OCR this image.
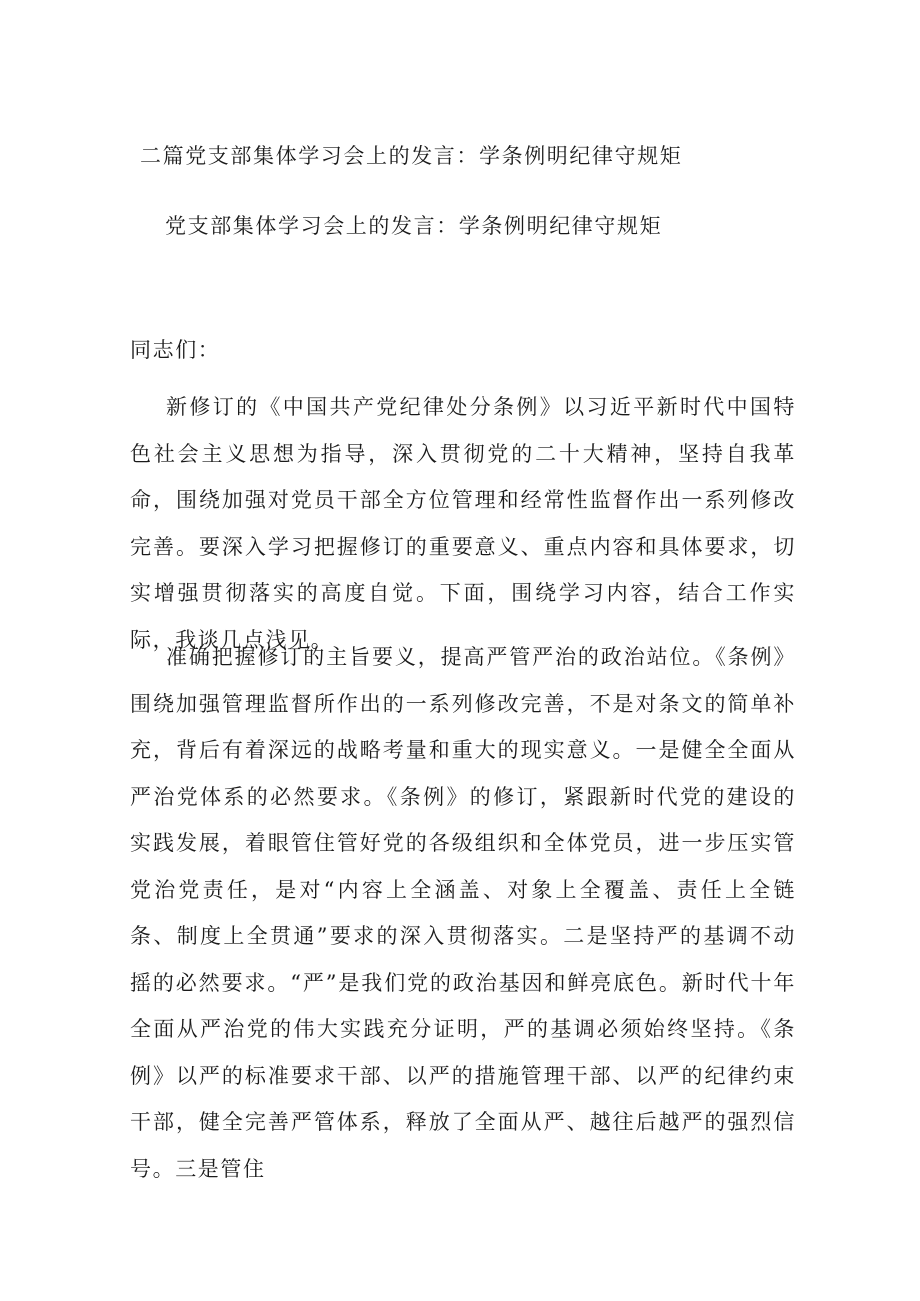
二篇党支部集体学习会上的发言：学条例明纪律守规矩
党支部集体学习会上的发言：学条例明纪律守规矩
同志们：

新修订的《中国共产党纪律处分条例》以习近平新时代中国特色社会主义思想为指导，深入贯彻党的二十大精神，坚持自我革命，围绕加强对党员干部全方位管理和经常性监督作出一系列修改完善。要深入学习把握修订的重要意义、重点内容和具体要求，切实增强贯彻落实的高度自觉。下面，围绕学习内容，结合工作实际，我谈几点浅见。

准确把握修订的主旨要义，提高严管严治的政治站位。《条例》围绕加强管理监督所作出的一系列修改完善，不是对条文的简单补充，背后有着深远的战略考量和重大的现实意义。一是健全全面从严治党体系的必然要求。《条例》的修订，紧跟新时代党的建设的实践发展，着眼管住管好党的各级组织和全体党员，进一步压实管党治党责任，是对“内容上全涵盖、对象上全覆盖、责任上全链条、制度上全贯通”要求的深入贯彻落实。二是坚持严的基调不动摇的必然要求。“严”是我们党的政治基因和鲜亮底色。新时代十年全面从严治党的伟大实践充分证明，严的基调必须始终坚持。《条例》以严的标准要求干部、以严的措施管理干部、以严的纪律约束干部，健全完善严管体系，释放了全面从严、越往后越严的强烈信号。三是管住
